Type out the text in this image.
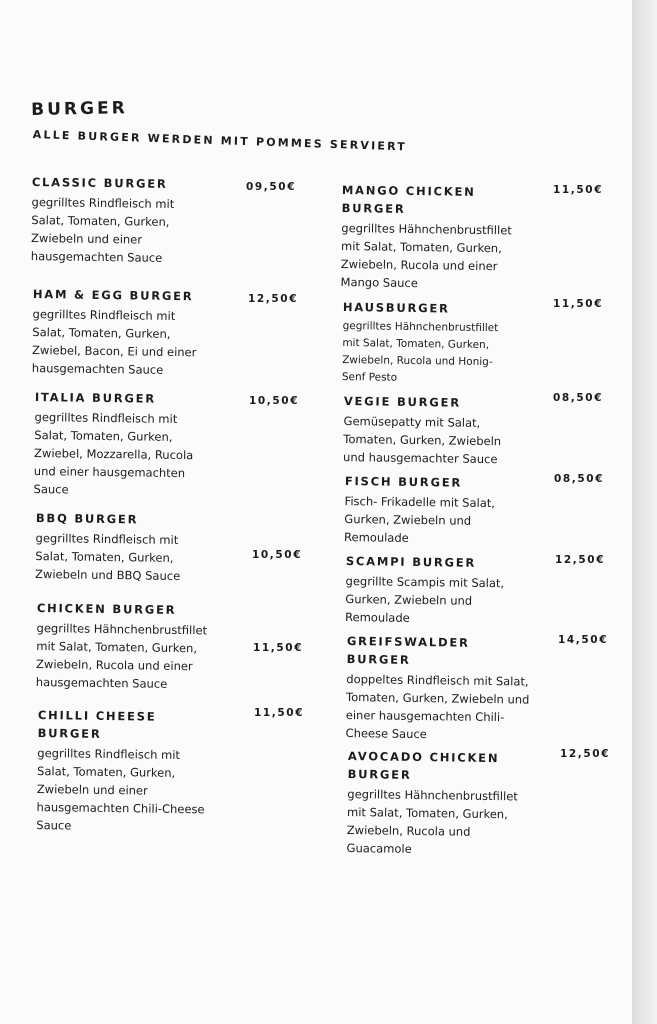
BURGER
ALLE BURGER WERDEN MIT POMMES SERVIERT
CLASSIC BURGER
gegrilltes Rindfleisch mit
Salat, Tomaten, Gurken,
Zwiebeln und einer
hausgemachten Sauce
09,50€
HAM & EGG BURGER
gegrilltes Rindfleisch mit
Salat, Tomaten, Gurken,
Zwiebel, Bacon, Ei und einer
hausgemachten Sauce
12,50€
ITALIA BURGER
gegrilltes Rindfleisch mit
Salat, Tomaten, Gurken,
Zwiebel, Mozzarella, Rucola
und einer hausgemachten
Sauce
10,50€
BBQ BURGER
gegrilltes Rindfleisch mit
Salat, Tomaten, Gurken,
Zwiebeln und BBQ Sauce
10,50€
CHICKEN BURGER
gegrilltes Hähnchenbrustfillet
mit Salat, Tomaten, Gurken,
Zwiebeln, Rucola und einer
hausgemachten Sauce
11,50€
CHILLI CHEESE
BURGER
gegrilltes Rindfleisch mit
Salat, Tomaten, Gurken,
Zwiebeln und einer
hausgemachten Chili-Cheese
Sauce
11,50€
MANGO CHICKEN
BURGER
gegrilltes Hähnchenbrustfillet
mit Salat, Tomaten, Gurken,
Zwiebeln, Rucola und einer
Mango Sauce
11,50€
HAUSBURGER
gegrilltes Hähnchenbrustfillet
mit Salat, Tomaten, Gurken,
Zwiebeln, Rucola und Honig-
Senf Pesto
11,50€
VEGIE BURGER
Gemüsepatty mit Salat,
Tomaten, Gurken, Zwiebeln
und hausgemachter Sauce
08,50€
FISCH BURGER
Fisch- Frikadelle mit Salat,
Gurken, Zwiebeln und
Remoulade
08,50€
SCAMPI BURGER
gegrillte Scampis mit Salat,
Gurken, Zwiebeln und
Remoulade
12,50€
GREIFSWALDER
BURGER
doppeltes Rindfleisch mit Salat,
Tomaten, Gurken, Zwiebeln und
einer hausgemachten Chili-
Cheese Sauce
14,50€
AVOCADO CHICKEN
BURGER
gegrilltes Hähnchenbrustfillet
mit Salat, Tomaten, Gurken,
Zwiebeln, Rucola und
Guacamole
12,50€
